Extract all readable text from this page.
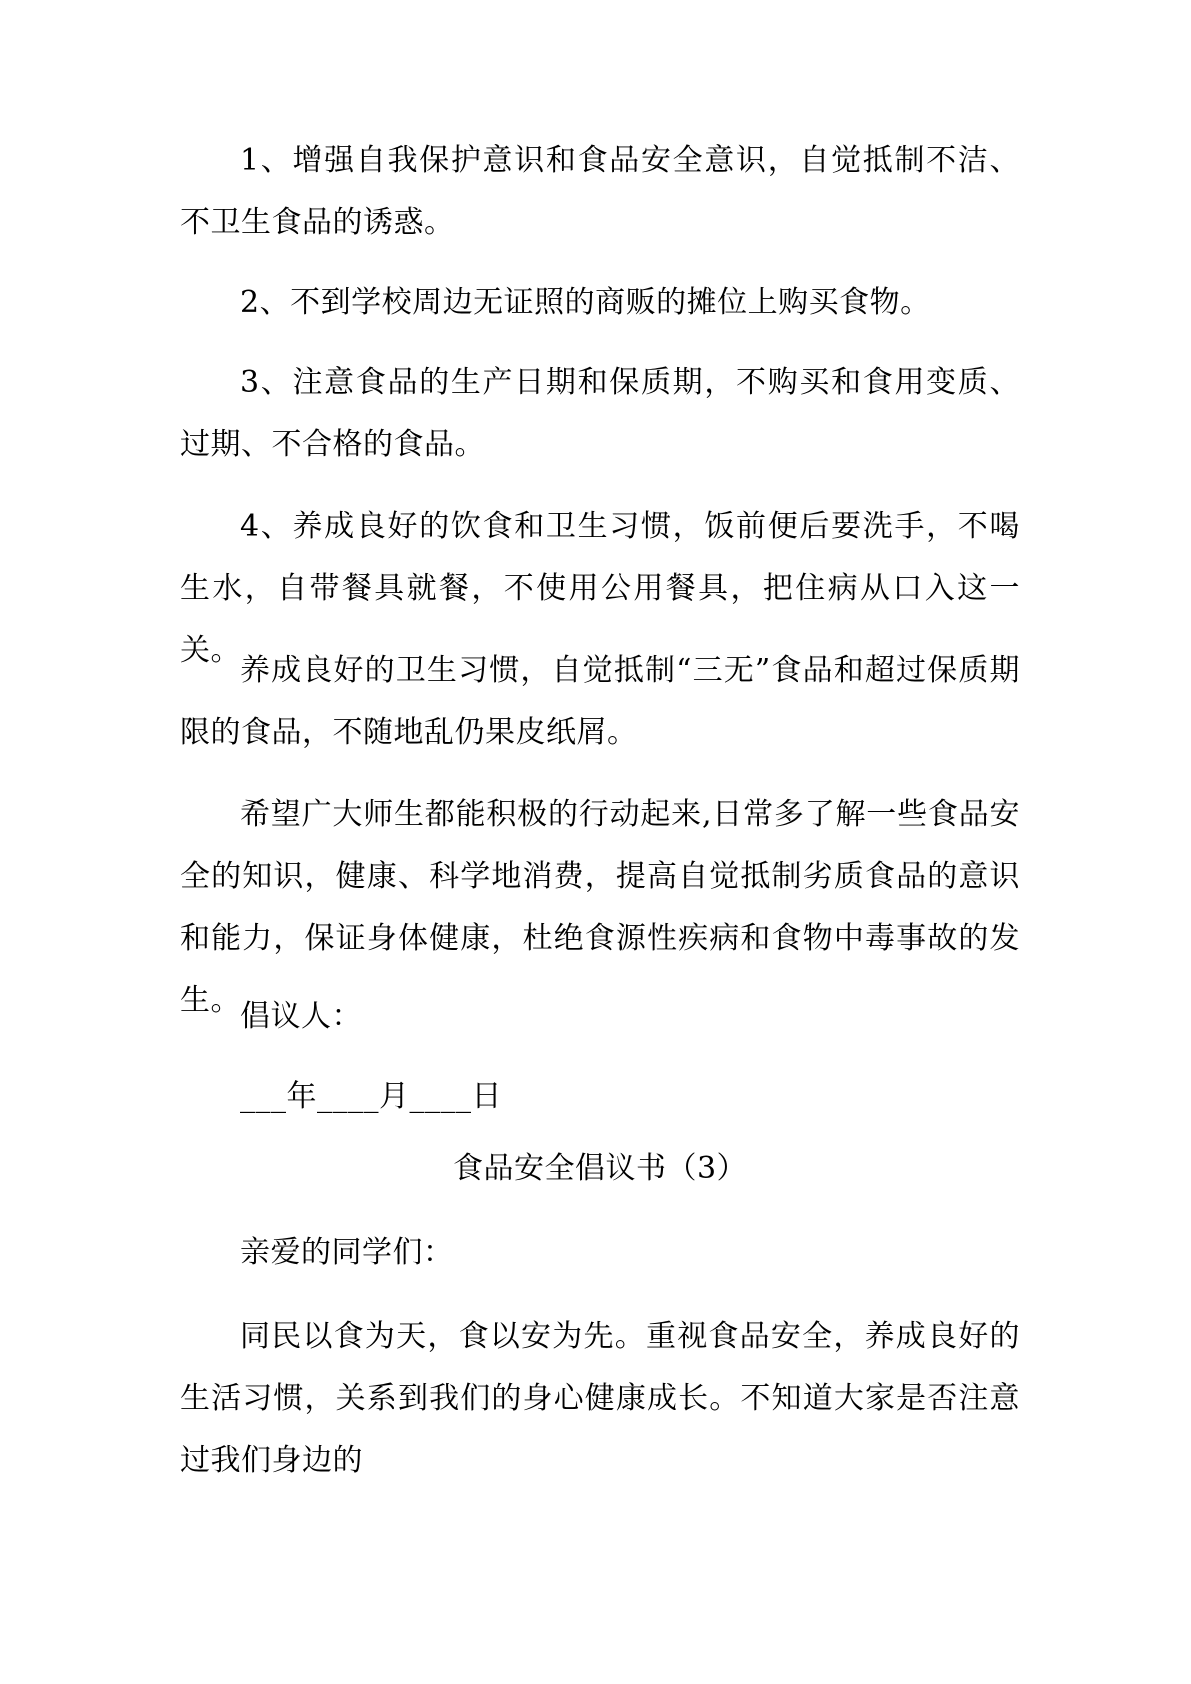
1、增强自我保护意识和食品安全意识，自觉抵制不洁、不卫生食品的诱惑。
2、不到学校周边无证照的商贩的摊位上购买食物。
3、注意食品的生产日期和保质期，不购买和食用变质、过期、不合格的食品。
4、养成良好的饮食和卫生习惯，饭前便后要洗手，不喝生水，自带餐具就餐，不使用公用餐具，把住病从口入这一关。
养成良好的卫生习惯，自觉抵制“三无”食品和超过保质期限的食品，不随地乱仍果皮纸屑。
希望广大师生都能积极的行动起来,日常多了解一些食品安全的知识，健康、科学地消费，提高自觉抵制劣质食品的意识和能力，保证身体健康，杜绝食源性疾病和食物中毒事故的发生。 倡议人：
___年____月____日
食品安全倡议书（3）
亲爱的同学们：
同民以食为天，食以安为先。重视食品安全，养成良好的生活习惯，关系到我们的身心健康成长。不知道大家是否注意过我们身边的
